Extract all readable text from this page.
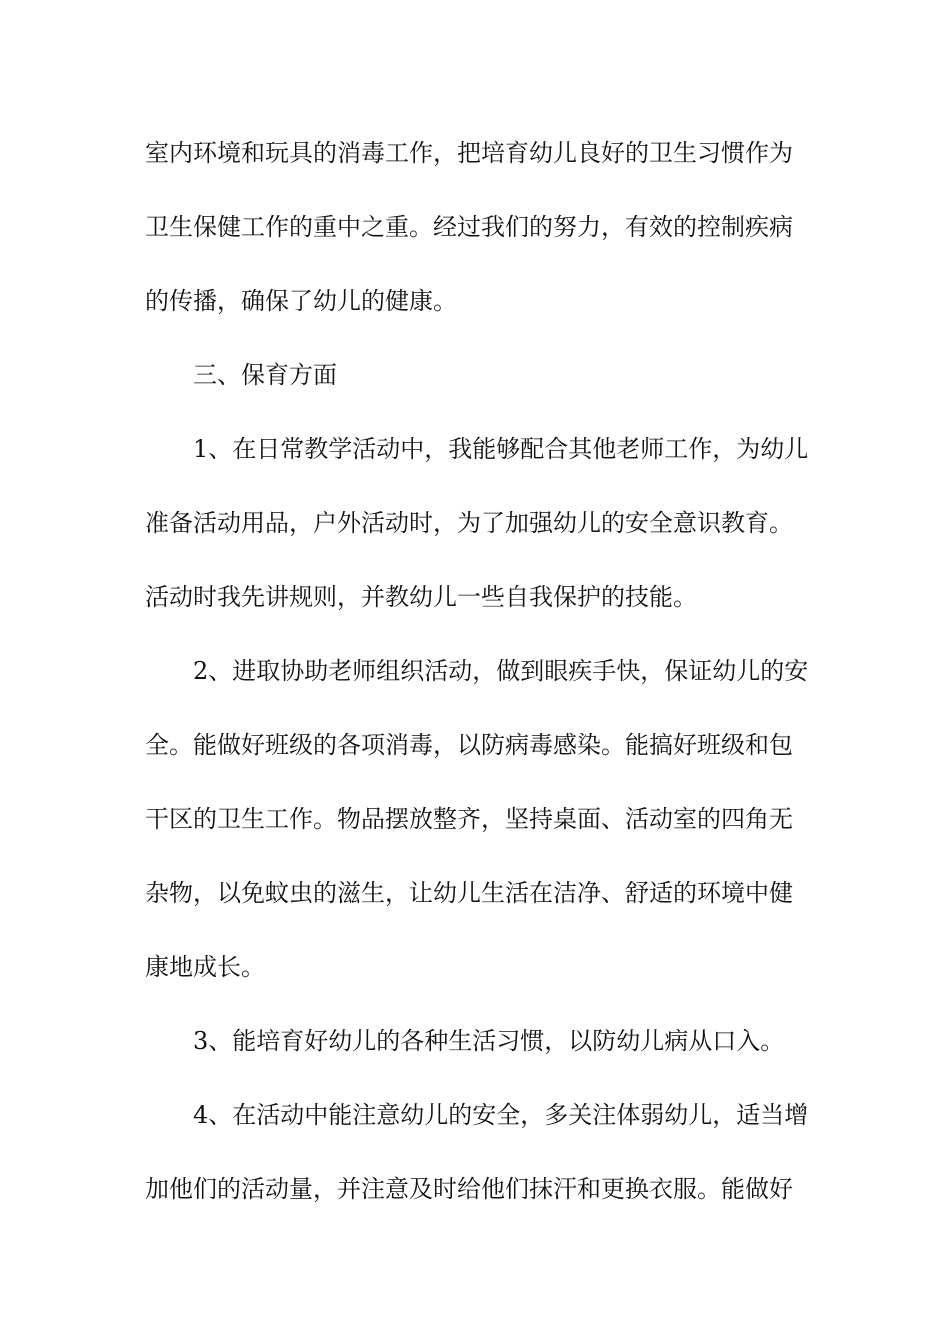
室内环境和玩具的消毒工作，把培育幼儿良好的卫生习惯作为
卫生保健工作的重中之重。经过我们的努力，有效的控制疾病
的传播，确保了幼儿的健康。
三、保育方面
1、在日常教学活动中，我能够配合其他老师工作，为幼儿
准备活动用品，户外活动时，为了加强幼儿的安全意识教育。
活动时我先讲规则，并教幼儿一些自我保护的技能。
2、进取协助老师组织活动，做到眼疾手快，保证幼儿的安
全。能做好班级的各项消毒，以防病毒感染。能搞好班级和包
干区的卫生工作。物品摆放整齐，坚持桌面、活动室的四角无
杂物，以免蚊虫的滋生，让幼儿生活在洁净、舒适的环境中健
康地成长。
3、能培育好幼儿的各种生活习惯，以防幼儿病从口入。
4、在活动中能注意幼儿的安全，多关注体弱幼儿，适当增
加他们的活动量，并注意及时给他们抹汗和更换衣服。能做好
